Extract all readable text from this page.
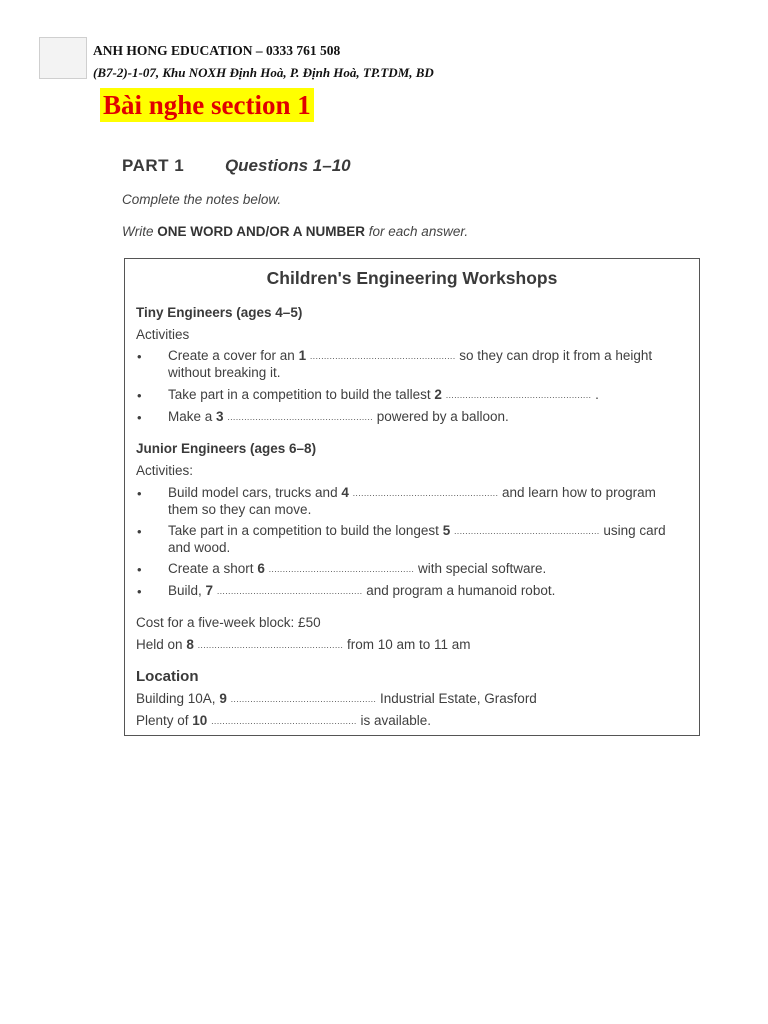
ANH HONG EDUCATION – 0333 761 508
(B7-2)-1-07, Khu NOXH Định Hoà, P. Định Hoà, TP.TDM, BD
Bài nghe section 1
PART 1 Questions 1–10
Complete the notes below.
Write ONE WORD AND/OR A NUMBER for each answer.
Children's Engineering Workshops
Tiny Engineers (ages 4–5)
Activities
• Create a cover for an 1 .................................................... so they can drop it from a height
without breaking it.
• Take part in a competition to build the tallest 2 .................................................... .
• Make a 3 .................................................... powered by a balloon.
Junior Engineers (ages 6–8)
Activities:
• Build model cars, trucks and 4 .................................................... and learn how to program
them so they can move.
• Take part in a competition to build the longest 5 .................................................... using card
and wood.
• Create a short 6 .................................................... with special software.
• Build, 7 .................................................... and program a humanoid robot.
Cost for a five-week block: £50
Held on 8 .................................................... from 10 am to 11 am
Location
Building 10A, 9 .................................................... Industrial Estate, Grasford
Plenty of 10 .................................................... is available.
